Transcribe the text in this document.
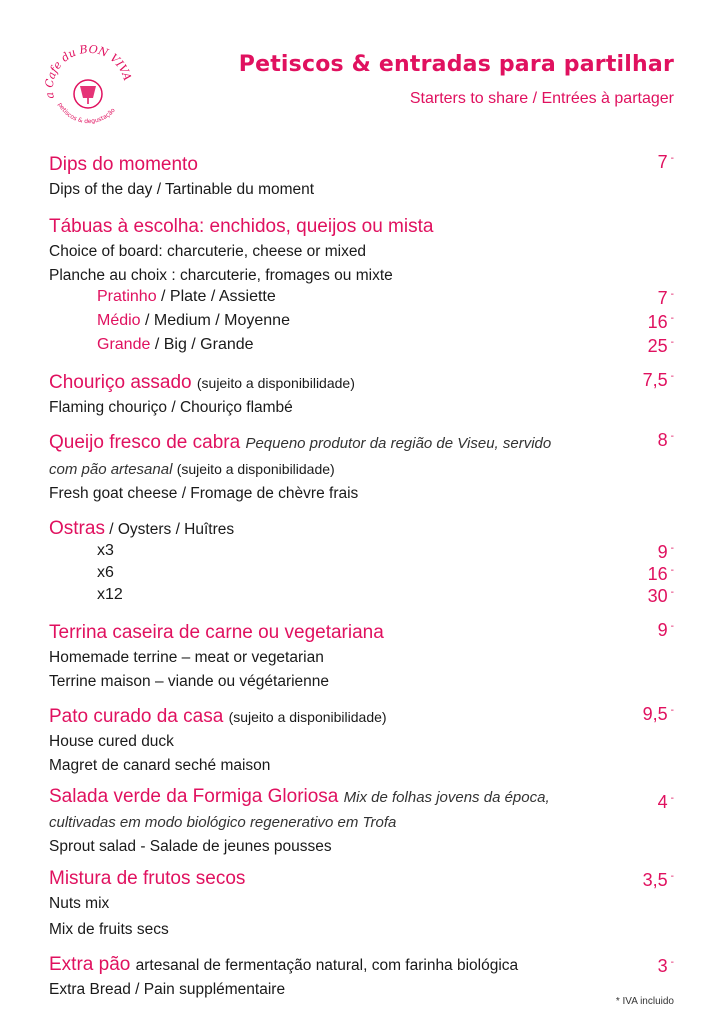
a Cafe du BON VIVA
petiscos & degustação
Petiscos & entradas para partilhar
Starters to share / Entrées à partager
Dips do momento	7 -
Dips of the day / Tartinable du moment
Tábuas à escolha: enchidos, queijos ou mista
Choice of board: charcuterie, cheese or mixed
Planche au choix : charcuterie, fromages ou mixte
Pratinho / Plate / Assiette	7 -
Médio / Medium / Moyenne	16 -
Grande / Big / Grande	25 -
Chouriço assado (sujeito a disponibilidade)	7,5 -
Flaming chouriço / Chouriço flambé
Queijo fresco de cabra Pequeno produtor da região de Viseu, servido	8 -
com pão artesanal (sujeito a disponibilidade)
Fresh goat cheese / Fromage de chèvre frais
Ostras / Oysters / Huîtres
x3	9 -
x6	16 -
x12	30 -
Terrina caseira de carne ou vegetariana	9 -
Homemade terrine – meat or vegetarian
Terrine maison – viande ou végétarienne
Pato curado da casa (sujeito a disponibilidade)	9,5 -
House cured duck
Magret de canard seché maison
Salada verde da Formiga Gloriosa Mix de folhas jovens da época,	4 -
cultivadas em modo biológico regenerativo em Trofa
Sprout salad - Salade de jeunes pousses
Mistura de frutos secos	3,5 -
Nuts mix
Mix de fruits secs
Extra pão artesanal de fermentação natural, com farinha biológica	3 -
Extra Bread / Pain supplémentaire
* IVA incluido
